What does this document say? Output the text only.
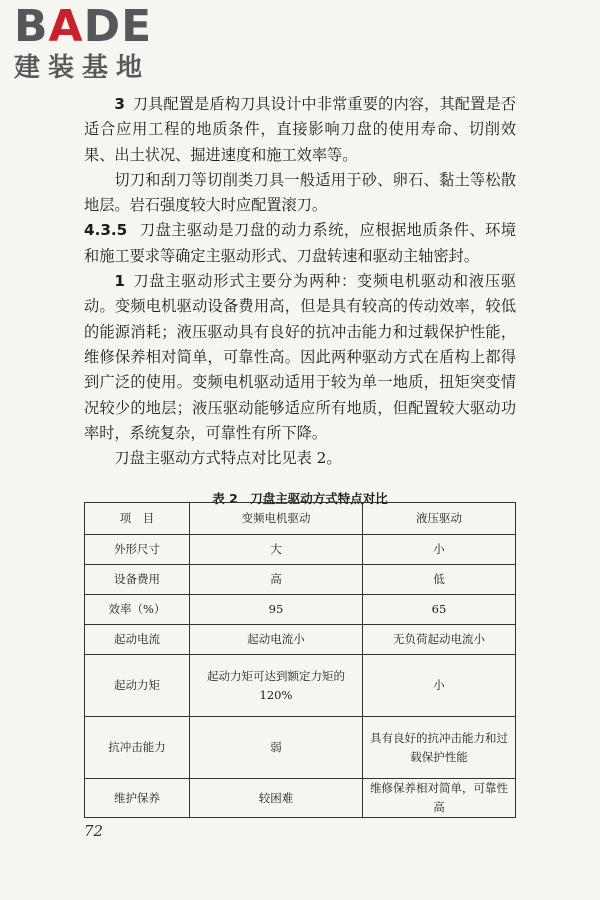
BADE
建装基地

3  刀具配置是盾构刀具设计中非常重要的内容，其配置是否适合应用工程的地质条件，直接影响刀盘的使用寿命、切削效果、出土状况、掘进速度和施工效率等。

切刀和刮刀等切削类刀具一般适用于砂、卵石、黏土等松散地层。岩石强度较大时应配置滚刀。

4.3.5 刀盘主驱动是刀盘的动力系统，应根据地质条件、环境和施工要求等确定主驱动形式、刀盘转速和驱动主轴密封。

1  刀盘主驱动形式主要分为两种：变频电机驱动和液压驱动。变频电机驱动设备费用高，但是具有较高的传动效率，较低的能源消耗；液压驱动具有良好的抗冲击能力和过载保护性能，维修保养相对简单，可靠性高。因此两种驱动方式在盾构上都得到广泛的使用。变频电机驱动适用于较为单一地质，扭矩突变情况较少的地层；液压驱动能够适应所有地质，但配置较大驱动功率时，系统复杂，可靠性有所下降。

刀盘主驱动方式特点对比见表 2。

表 2　刀盘主驱动方式特点对比
项　目	变频电机驱动	液压驱动
外形尺寸	大	小
设备费用	高	低
效率（%）	95	65
起动电流	起动电流小	无负荷起动电流小
起动力矩	起动力矩可达到额定力矩的 120%	小
抗冲击能力	弱	具有良好的抗冲击能力和过载保护性能
维护保养	较困难	维修保养相对简单，可靠性高
72
